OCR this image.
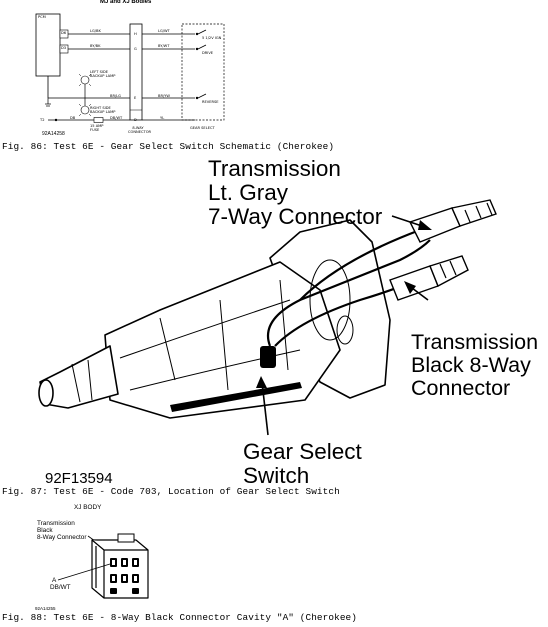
MJ and XJ Bodies
PCM
D6
D3
LG/BK
BY/BK
LG/WT
BY/WT
H
G
E
D
5 1/2V IGN
DRIVE
REVERSE
BR/LG	BR/YW
DB	DB/WT	YL
LEFT SIDE BACKUP LAMP
RIGHT SIDE BACKUP LAMP
15 AMP FUSE
T2
8-WAY CONNECTOR
GEAR SELECT
92A14258
Fig. 86: Test 6E - Gear Select Switch Schematic (Cherokee)
Transmission
Lt. Gray
7-Way Connector
Transmission
Black 8-Way
Connector
Gear Select
Switch
92F13594
Fig. 87: Test 6E - Code 703, Location of Gear Select Switch
XJ BODY
Transmission
Black
8-Way Connector
A
DB/WT
92A14255
Fig. 88: Test 6E - 8-Way Black Connector Cavity "A" (Cherokee)
